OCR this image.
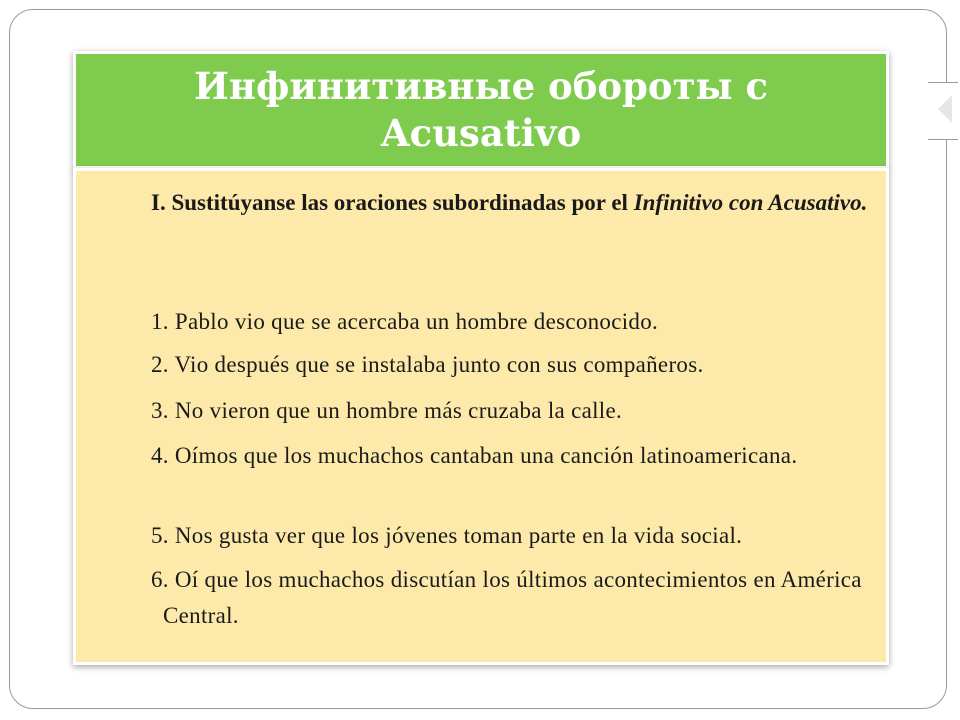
Инфинитивные обороты с Acusativo

I. Sustitúyanse las oraciones subordinadas por el Infinitivo con Acusativo.

1. Pablo vio que se acercaba un hombre desconocido.

2. Vio después que se instalaba junto con sus compañeros.

3. No vieron que un hombre más cruzaba la calle.

4. Oímos que los muchachos cantaban una canción latinoamericana.

5. Nos gusta ver que los jóvenes toman parte en la vida social.

6. Oí que los muchachos discutían los últimos acontecimientos en América Central.
